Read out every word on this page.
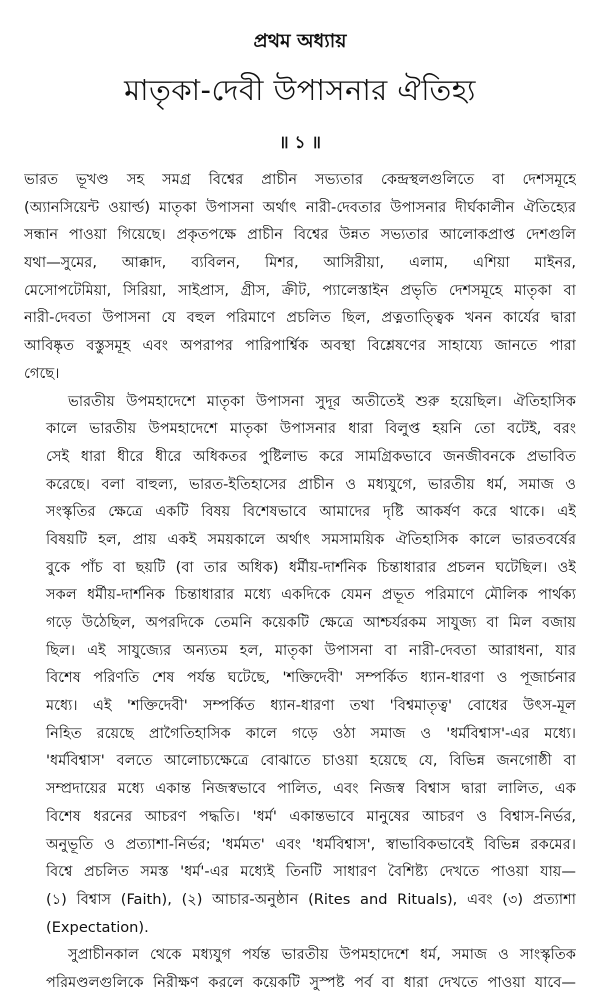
প্রথম অধ্যায়
মাতৃকা-দেবী উপাসনার ঐতিহ্য
॥ ১ ॥
ভারত ভূখণ্ড সহ সমগ্র বিশ্বের প্রাচীন সভ্যতার কেন্দ্রস্থলগুলিতে বা দেশসমূহে
(অ্যানসিয়েন্ট ওয়ার্ল্ড) মাতৃকা উপাসনা অর্থাৎ নারী-দেবতার উপাসনার দীর্ঘকালীন ঐতিহ্যের
সন্ধান পাওয়া গিয়েছে। প্রকৃতপক্ষে প্রাচীন বিশ্বের উন্নত সভ্যতার আলোকপ্রাপ্ত দেশগুলি
যথা—সুমের, আক্কাদ, ব্যবিলন, মিশর, আসিরীয়া, এলাম, এশিয়া মাইনর,
মেসোপটেমিয়া, সিরিয়া, সাইপ্রাস, গ্রীস, ক্রীট, প্যালেস্তাইন প্রভৃতি দেশসমূহে মাতৃকা বা
নারী-দেবতা উপাসনা যে বহুল পরিমাণে প্রচলিত ছিল, প্রত্নতাত্ত্বিক খনন কার্যের দ্বারা
আবিষ্কৃত বস্তুসমূহ এবং অপরাপর পারিপার্শ্বিক অবস্থা বিশ্লেষণের সাহায্যে জানতে পারা
গেছে।
ভারতীয় উপমহাদেশে মাতৃকা উপাসনা সুদূর অতীতেই শুরু হয়েছিল। ঐতিহাসিক
কালে ভারতীয় উপমহাদেশে মাতৃকা উপাসনার ধারা বিলুপ্ত হয়নি তো বটেই, বরং
সেই ধারা ধীরে ধীরে অধিকতর পুষ্টিলাভ করে সামগ্রিকভাবে জনজীবনকে প্রভাবিত
করেছে। বলা বাহুল্য, ভারত-ইতিহাসের প্রাচীন ও মধ্যযুগে, ভারতীয় ধর্ম, সমাজ ও
সংস্কৃতির ক্ষেত্রে একটি বিষয় বিশেষভাবে আমাদের দৃষ্টি আকর্ষণ করে থাকে। এই
বিষয়টি হল, প্রায় একই সময়কালে অর্থাৎ সমসাময়িক ঐতিহাসিক কালে ভারতবর্ষের
বুকে পাঁচ বা ছয়টি (বা তার অধিক) ধর্মীয়-দার্শনিক চিন্তাধারার প্রচলন ঘটেছিল। ওই
সকল ধর্মীয়-দার্শনিক চিন্তাধারার মধ্যে একদিকে যেমন প্রভূত পরিমাণে মৌলিক পার্থক্য
গড়ে উঠেছিল, অপরদিকে তেমনি কয়েকটি ক্ষেত্রে আশ্চর্যরকম সাযুজ্য বা মিল বজায়
ছিল। এই সাযুজ্যের অন্যতম হল, মাতৃকা উপাসনা বা নারী-দেবতা আরাধনা, যার
বিশেষ পরিণতি শেষ পর্যন্ত ঘটেছে, 'শক্তিদেবী' সম্পর্কিত ধ্যান-ধারণা ও পূজার্চনার
মধ্যে। এই 'শক্তিদেবী' সম্পর্কিত ধ্যান-ধারণা তথা 'বিশ্বমাতৃত্ব' বোধের উৎস-মূল
নিহিত রয়েছে প্রাগৈতিহাসিক কালে গড়ে ওঠা সমাজ ও 'ধর্মবিশ্বাস'-এর মধ্যে।
'ধর্মবিশ্বাস' বলতে আলোচ্যক্ষেত্রে বোঝাতে চাওয়া হয়েছে যে, বিভিন্ন জনগোষ্ঠী বা
সম্প্রদায়ের মধ্যে একান্ত নিজস্বভাবে পালিত, এবং নিজস্ব বিশ্বাস দ্বারা লালিত, এক
বিশেষ ধরনের আচরণ পদ্ধতি। 'ধর্ম' একান্তভাবে মানুষের আচরণ ও বিশ্বাস-নির্ভর,
অনুভূতি ও প্রত্যাশা-নির্ভর; 'ধর্মমত' এবং 'ধর্মবিশ্বাস', স্বাভাবিকভাবেই বিভিন্ন রকমের।
বিশ্বে প্রচলিত সমস্ত 'ধর্ম'-এর মধ্যেই তিনটি সাধারণ বৈশিষ্ট্য দেখতে পাওয়া যায়—
(১) বিশ্বাস (Faith), (২) আচার-অনুষ্ঠান (Rites and Rituals), এবং (৩) প্রত্যাশা
(Expectation).
সুপ্রাচীনকাল থেকে মধ্যযুগ পর্যন্ত ভারতীয় উপমহাদেশে ধর্ম, সমাজ ও সাংস্কৃতিক
পরিমণ্ডলগুলিকে নিরীক্ষণ করলে কয়েকটি সুস্পষ্ট পর্ব বা ধারা দেখতে পাওয়া যাবে—
